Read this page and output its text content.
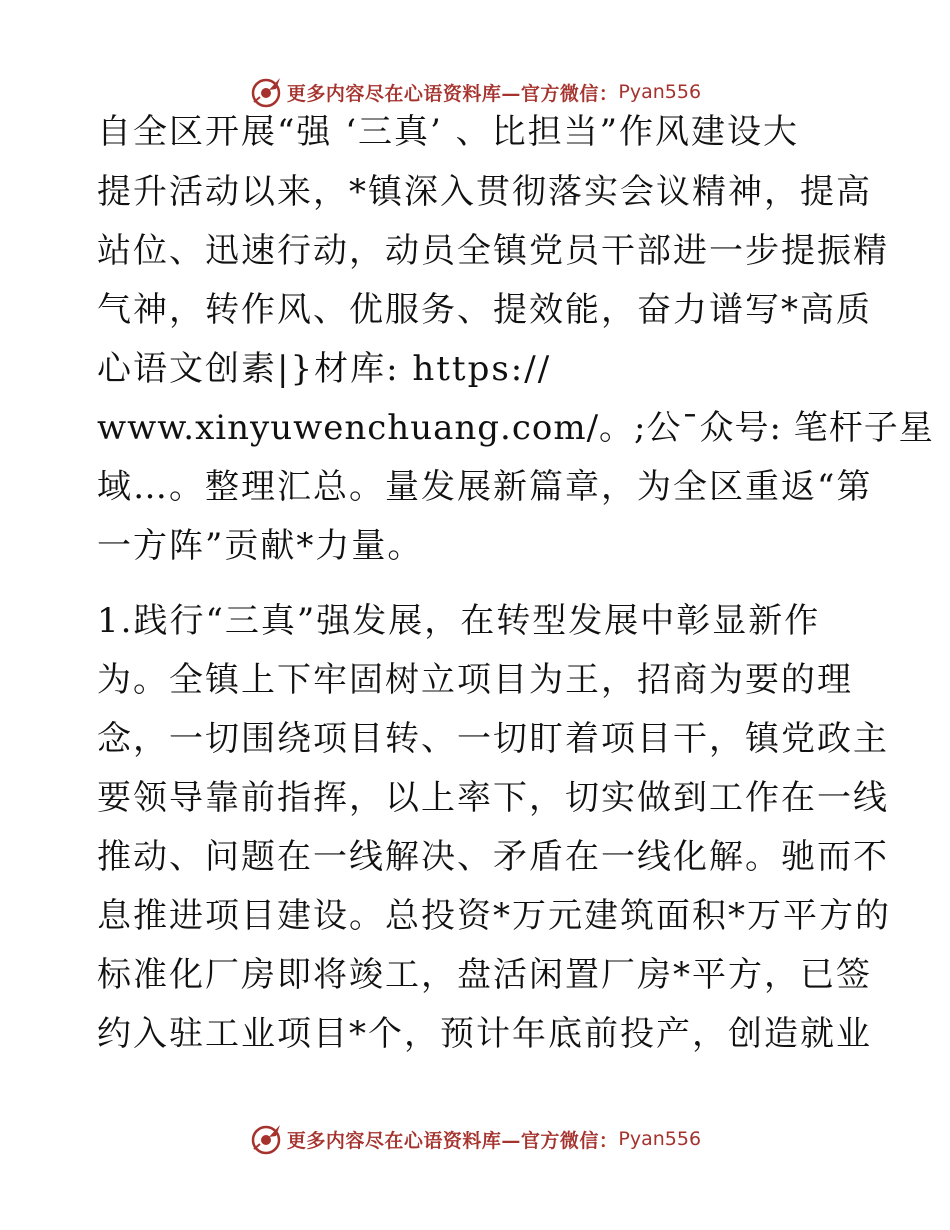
更多内容尽在心语资料库—官方微信： Pyan556
自全区开展“强 ‘三真’ 、比担当”作风建设大
提升活动以来，*镇深入贯彻落实会议精神，提高
站位、迅速行动，动员全镇党员干部进一步提振精
气神，转作风、优服务、提效能，奋力谱写*高质
心语文创素|}材库: https://
www.xinyuwenchuang.com/。;公¯众号: 笔杆子星
域…。整理汇总。量发展新篇章，为全区重返“第
一方阵”贡献*力量。
1.践行“三真”强发展，在转型发展中彰显新作
为。全镇上下牢固树立项目为王，招商为要的理
念，一切围绕项目转、一切盯着项目干，镇党政主
要领导靠前指挥，以上率下，切实做到工作在一线
推动、问题在一线解决、矛盾在一线化解。驰而不
息推进项目建设。总投资*万元建筑面积*万平方的
标准化厂房即将竣工，盘活闲置厂房*平方，已签
约入驻工业项目*个，预计年底前投产，创造就业
更多内容尽在心语资料库—官方微信： Pyan556
